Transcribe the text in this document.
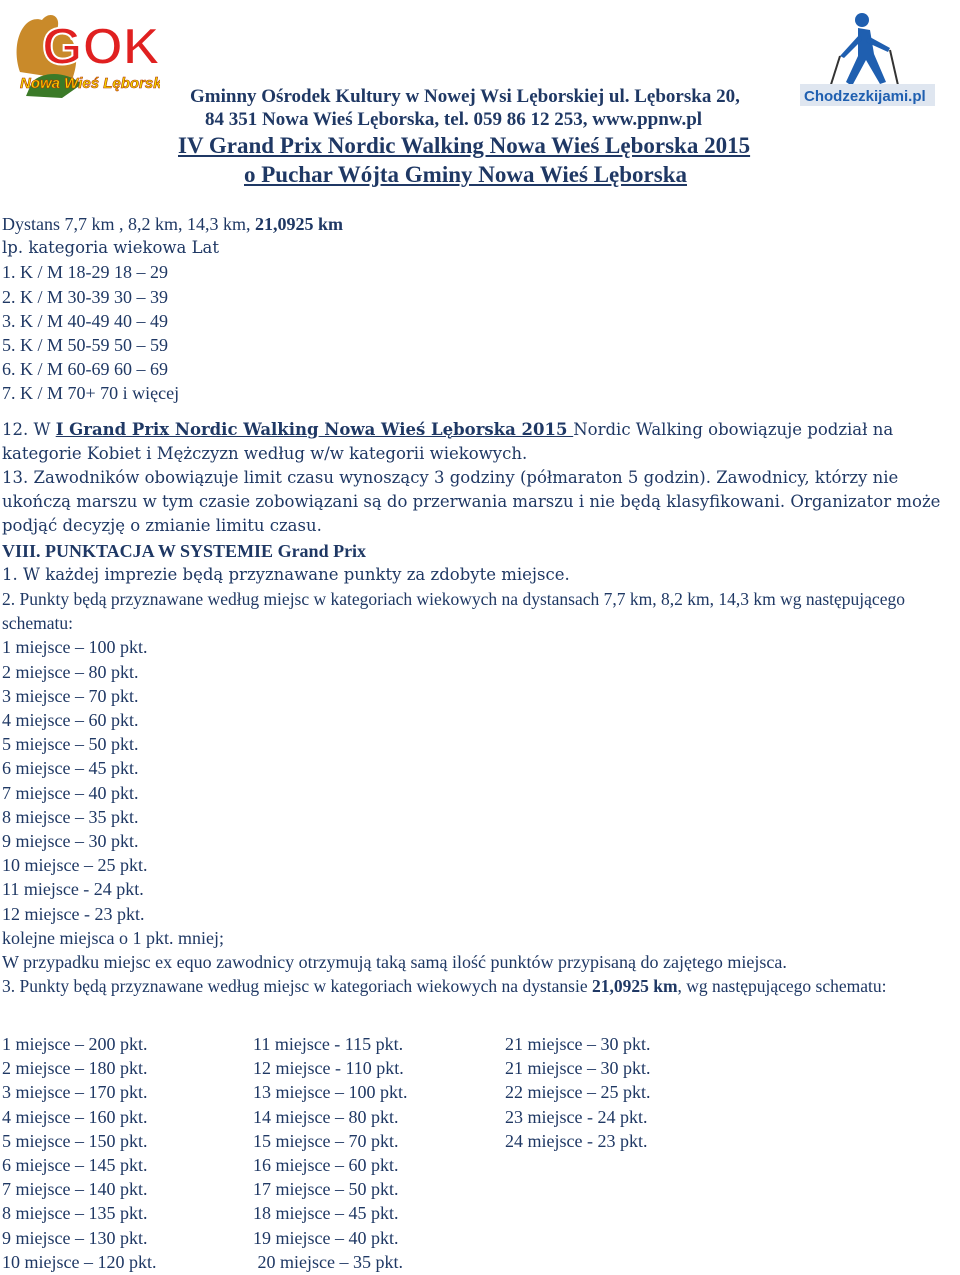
GOK
Nowa Wieś Lęborska
Chodzezkijami.pl
Gminny Ośrodek Kultury w Nowej Wsi Lęborskiej ul. Lęborska 20,
84 351 Nowa Wieś Lęborska, tel. 059 86 12 253, www.ppnw.pl
IV Grand Prix Nordic Walking Nowa Wieś Lęborska 2015
o Puchar Wójta Gminy Nowa Wieś Lęborska
Dystans 7,7 km , 8,2 km, 14,3 km, 21,0925 km
lp. kategoria wiekowa Lat
1. K / M 18-29 18 – 29
2. K / M 30-39 30 – 39
3. K / M 40-49 40 – 49
5. K / M 50-59 50 – 59
6. K / M 60-69 60 – 69
7. K / M 70+ 70 i więcej
12. W I Grand Prix Nordic Walking Nowa Wieś Lęborska 2015 Nordic Walking obowiązuje podział na kategorie Kobiet i Mężczyzn według w/w kategorii wiekowych.
13. Zawodników obowiązuje limit czasu wynoszący 3 godziny (półmaraton 5 godzin). Zawodnicy, którzy nie ukończą marszu w tym czasie zobowiązani są do przerwania marszu i nie będą klasyfikowani. Organizator może podjąć decyzję o zmianie limitu czasu.
VIII. PUNKTACJA W SYSTEMIE Grand Prix
1. W każdej imprezie będą przyznawane punkty za zdobyte miejsce.
2. Punkty będą przyznawane według miejsc w kategoriach wiekowych na dystansach 7,7 km, 8,2 km, 14,3 km wg następującego schematu:
1 miejsce – 100 pkt.
2 miejsce – 80 pkt.
3 miejsce – 70 pkt.
4 miejsce – 60 pkt.
5 miejsce – 50 pkt.
6 miejsce – 45 pkt.
7 miejsce – 40 pkt.
8 miejsce – 35 pkt.
9 miejsce – 30 pkt.
10 miejsce – 25 pkt.
11 miejsce - 24 pkt.
12 miejsce - 23 pkt.
kolejne miejsca o 1 pkt. mniej;
W przypadku miejsc ex equo zawodnicy otrzymują taką samą ilość punktów przypisaną do zajętego miejsca.
3. Punkty będą przyznawane według miejsc w kategoriach wiekowych na dystansie 21,0925 km, wg następującego schematu:
1 miejsce – 200 pkt.
2 miejsce – 180 pkt.
3 miejsce – 170 pkt.
4 miejsce – 160 pkt.
5 miejsce – 150 pkt.
6 miejsce – 145 pkt.
7 miejsce – 140 pkt.
8 miejsce – 135 pkt.
9 miejsce – 130 pkt.
10 miejsce – 120 pkt.
11 miejsce - 115 pkt.
12 miejsce - 110 pkt.
13 miejsce – 100 pkt.
14 miejsce – 80 pkt.
15 miejsce – 70 pkt.
16 miejsce – 60 pkt.
17 miejsce – 50 pkt.
18 miejsce – 45 pkt.
19 miejsce – 40 pkt.
20 miejsce – 35 pkt.
21 miejsce – 30 pkt.
21 miejsce – 30 pkt.
22 miejsce – 25 pkt.
23 miejsce - 24 pkt.
24 miejsce - 23 pkt.
